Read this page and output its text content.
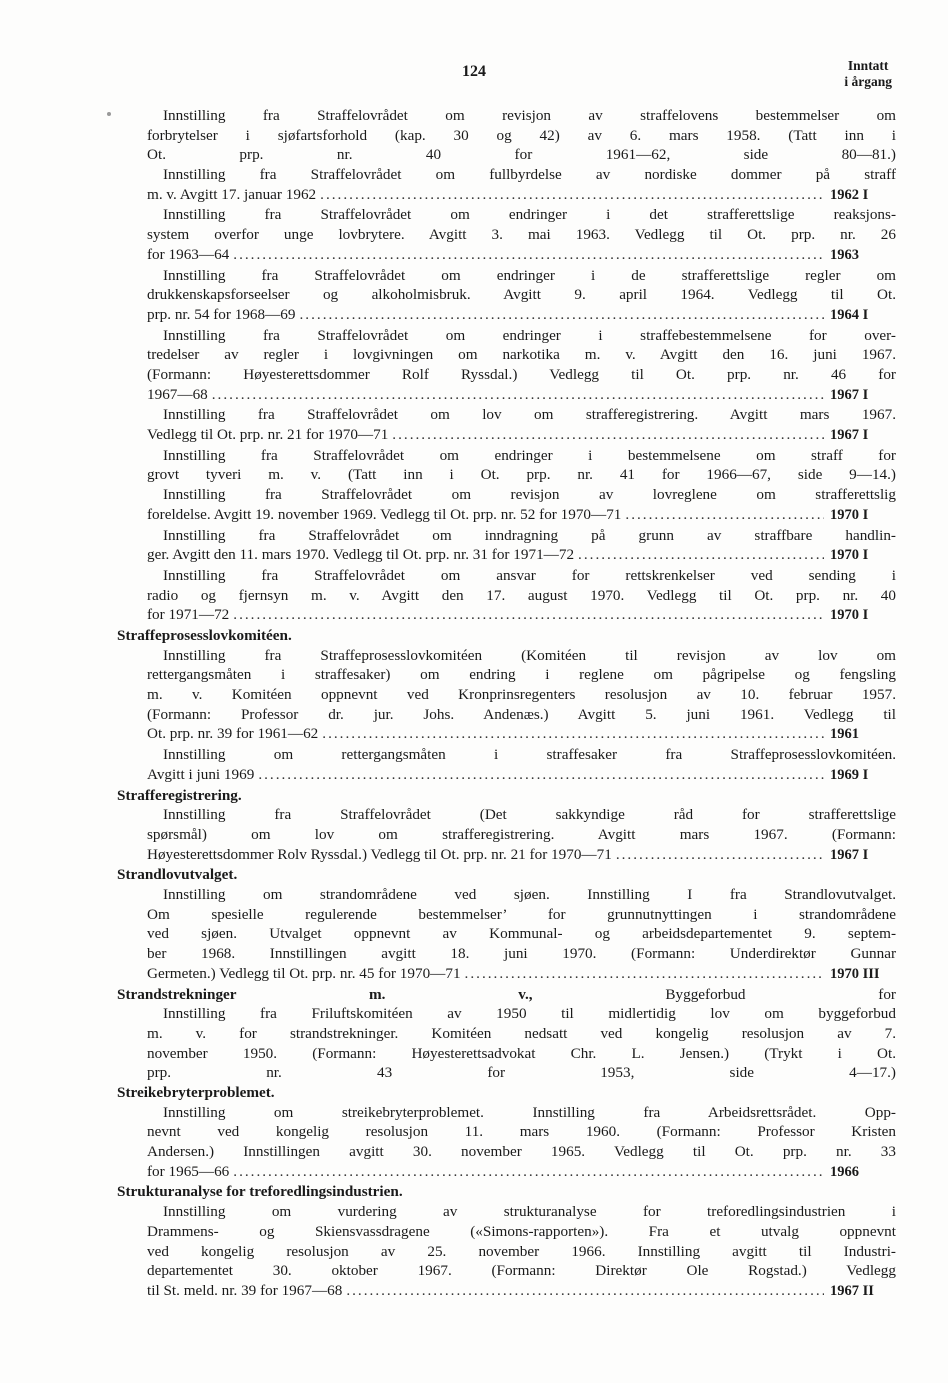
124	Inntatt
i årgang
Innstilling fra Straffelovrådet om revisjon av straffelovens bestemmelser om
forbrytelser i sjøfartsforhold (kap. 30 og 42) av 6. mars 1958. (Tatt inn i
Ot. prp. nr. 40 for 1961—62, side 80—81.)
Innstilling fra Straffelovrådet om fullbyrdelse av nordiske dommer på straff
m. v. Avgitt 17. januar 1962 .....	1962 I
Innstilling fra Straffelovrådet om endringer i det strafferettslige reaksjons-
system overfor unge lovbrytere. Avgitt 3. mai 1963. Vedlegg til Ot. prp. nr. 26
for 1963—64 .....	1963
Innstilling fra Straffelovrådet om endringer i de strafferettslige regler om
drukkenskapsforseelser og alkoholmisbruk. Avgitt 9. april 1964. Vedlegg til Ot.
prp. nr. 54 for 1968—69 .....	1964 I
Innstilling fra Straffelovrådet om endringer i straffebestemmelsene for over-
tredelser av regler i lovgivningen om narkotika m. v. Avgitt den 16. juni 1967.
(Formann: Høyesterettsdommer Rolf Ryssdal.) Vedlegg til Ot. prp. nr. 46 for
1967—68 .....	1967 I
Innstilling fra Straffelovrådet om lov om strafferegistrering. Avgitt mars 1967.
Vedlegg til Ot. prp. nr. 21 for 1970—71 .....	1967 I
Innstilling fra Straffelovrådet om endringer i bestemmelsene om straff for
grovt tyveri m. v. (Tatt inn i Ot. prp. nr. 41 for 1966—67, side 9—14.)
Innstilling fra Straffelovrådet om revisjon av lovreglene om strafferettslig
foreldelse. Avgitt 19. november 1969. Vedlegg til Ot. prp. nr. 52 for 1970—71 .....	1970 I
Innstilling fra Straffelovrådet om inndragning på grunn av straffbare handlin-
ger. Avgitt den 11. mars 1970. Vedlegg til Ot. prp. nr. 31 for 1971—72 .....	1970 I
Innstilling fra Straffelovrådet om ansvar for rettskrenkelser ved sending i
radio og fjernsyn m. v. Avgitt den 17. august 1970. Vedlegg til Ot. prp. nr. 40
for 1971—72 .....	1970 I
Straffeprosesslovkomitéen.
Innstilling fra Straffeprosesslovkomitéen (Komitéen til revisjon av lov om
rettergangsmåten i straffesaker) om endring i reglene om pågripelse og fengsling
m. v. Komitéen oppnevnt ved Kronprinsregenters resolusjon av 10. februar 1957.
(Formann: Professor dr. jur. Johs. Andenæs.) Avgitt 5. juni 1961. Vedlegg til
Ot. prp. nr. 39 for 1961—62 .....	1961
Innstilling om rettergangsmåten i straffesaker fra Straffeprosesslovkomitéen.
Avgitt i juni 1969 .....	1969 I
Strafferegistrering.
Innstilling fra Straffelovrådet (Det sakkyndige råd for strafferettslige
spørsmål) om lov om strafferegistrering. Avgitt mars 1967. (Formann:
Høyesterettsdommer Rolv Ryssdal.) Vedlegg til Ot. prp. nr. 21 for 1970—71 .....	1967 I
Strandlovutvalget.
Innstilling om strandområdene ved sjøen. Innstilling I fra Strandlovutvalget.
Om spesielle regulerende bestemmelser’ for grunnutnyttingen i strandområdene
ved sjøen. Utvalget oppnevnt av Kommunal- og arbeidsdepartementet 9. septem-
ber 1968. Innstillingen avgitt 18. juni 1970. (Formann: Underdirektør Gunnar
Germeten.) Vedlegg til Ot. prp. nr. 45 for 1970—71 .....	1970 III
Strandstrekninger m. v., Byggeforbud for
Innstilling fra Friluftskomitéen av 1950 til midlertidig lov om byggeforbud
m. v. for strandstrekninger. Komitéen nedsatt ved kongelig resolusjon av 7.
november 1950. (Formann: Høyesterettsadvokat Chr. L. Jensen.) (Trykt i Ot.
prp. nr. 43 for 1953, side 4—17.)
Streikebryterproblemet.
Innstilling om streikebryterproblemet. Innstilling fra Arbeidsrettsrådet. Opp-
nevnt ved kongelig resolusjon 11. mars 1960. (Formann: Professor Kristen
Andersen.) Innstillingen avgitt 30. november 1965. Vedlegg til Ot. prp. nr. 33
for 1965—66 .....	1966
Strukturanalyse for treforedlingsindustrien.
Innstilling om vurdering av strukturanalyse for treforedlingsindustrien i
Drammens- og Skiensvassdragene («Simons-rapporten»). Fra et utvalg oppnevnt
ved kongelig resolusjon av 25. november 1966. Innstilling avgitt til Industri-
departementet 30. oktober 1967. (Formann: Direktør Ole Rogstad.) Vedlegg
til St. meld. nr. 39 for 1967—68 .....	1967 II
